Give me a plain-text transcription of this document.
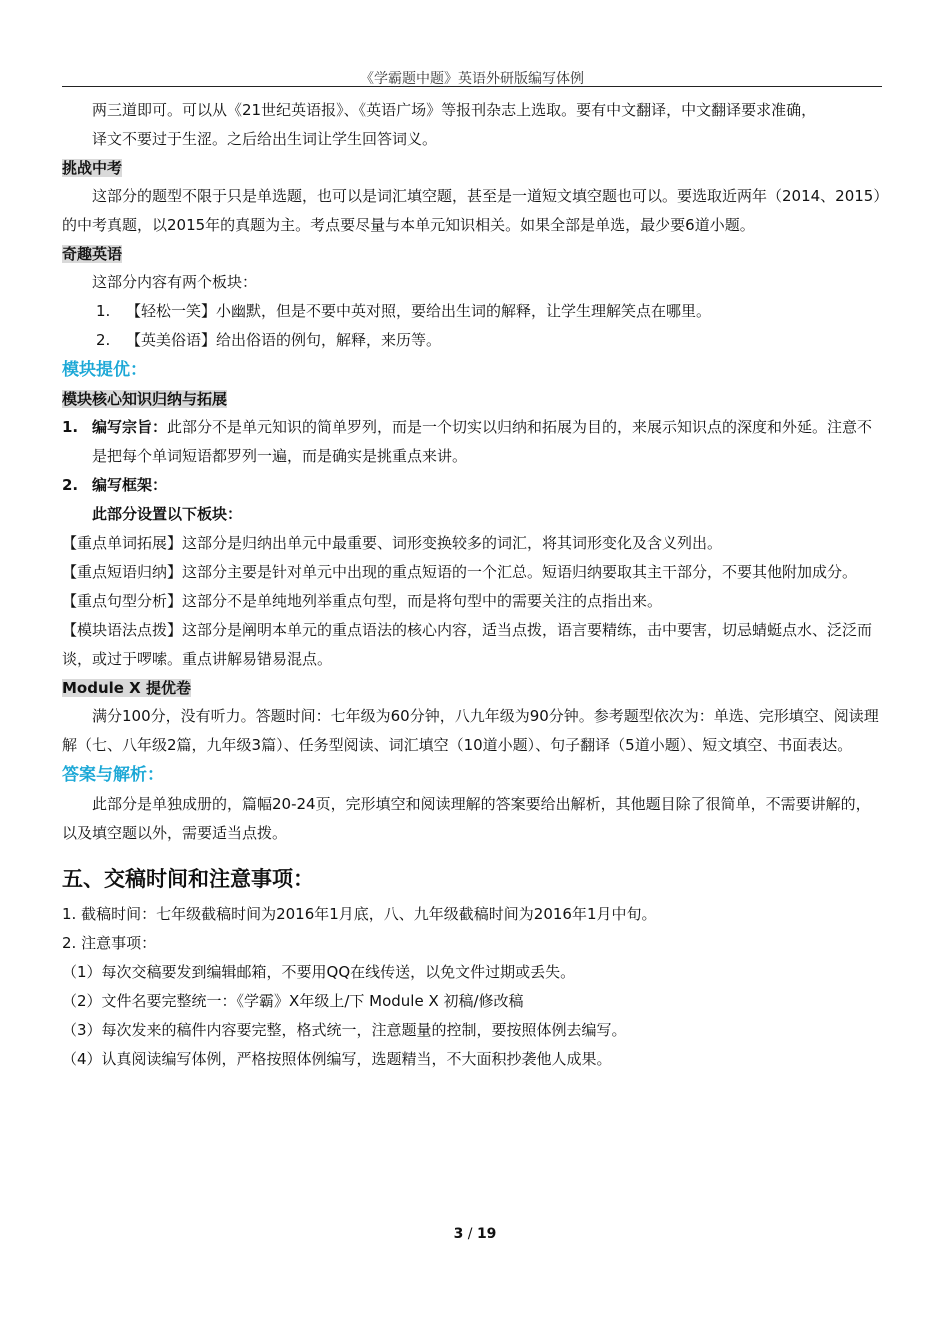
《学霸题中题》英语外研版编写体例

两三道即可。可以从《21世纪英语报》、《英语广场》等报刊杂志上选取。要有中文翻译，中文翻译要求准确，

译文不要过于生涩。之后给出生词让学生回答词义。

挑战中考

这部分的题型不限于只是单选题，也可以是词汇填空题，甚至是一道短文填空题也可以。要选取近两年（2014、2015）的中考真题，以2015年的真题为主。考点要尽量与本单元知识相关。如果全部是单选，最少要6道小题。

奇趣英语

这部分内容有两个板块：

1.	【轻松一笑】小幽默，但是不要中英对照，要给出生词的解释，让学生理解笑点在哪里。

2.	【英美俗语】给出俗语的例句，解释，来历等。

模块提优：

模块核心知识归纳与拓展

1. 编写宗旨：此部分不是单元知识的简单罗列，而是一个切实以归纳和拓展为目的，来展示知识点的深度和外延。注意不是把每个单词短语都罗列一遍，而是确实是挑重点来讲。

2. 编写框架：

此部分设置以下板块：

【重点单词拓展】 这部分是归纳出单元中最重要、词形变换较多的词汇，将其词形变化及含义列出。

【重点短语归纳】 这部分主要是针对单元中出现的重点短语的一个汇总。短语归纳要取其主干部分，不要其他附加成分。

【重点句型分析】 这部分不是单纯地列举重点句型，而是将句型中的需要关注的点指出来。

【模块语法点拨】这部分是阐明本单元的重点语法的核心内容，适当点拨，语言要精练，击中要害，切忌蜻蜓点水、泛泛而谈，或过于啰嗦。重点讲解易错易混点。

Module X 提优卷

满分100分，没有听力。答题时间：七年级为60分钟，八九年级为90分钟。参考题型依次为：单选、完形填空、阅读理解（七、八年级2篇，九年级3篇）、任务型阅读、词汇填空（10道小题）、句子翻译（5道小题）、短文填空、书面表达。

答案与解析：

此部分是单独成册的，篇幅20-24页，完形填空和阅读理解的答案要给出解析，其他题目除了很简单，不需要讲解的，以及填空题以外，需要适当点拨。

五、交稿时间和注意事项：

1. 截稿时间：七年级截稿时间为2016年1月底，八、九年级截稿时间为2016年1月中旬。

2. 注意事项：

（1）每次交稿要发到编辑邮箱，不要用QQ在线传送，以免文件过期或丢失。

（2）文件名要完整统一：《学霸》X年级上/下 Module X 初稿/修改稿

（3）每次发来的稿件内容要完整，格式统一，注意题量的控制，要按照体例去编写。

（4）认真阅读编写体例，严格按照体例编写，选题精当，不大面积抄袭他人成果。

3 / 19
